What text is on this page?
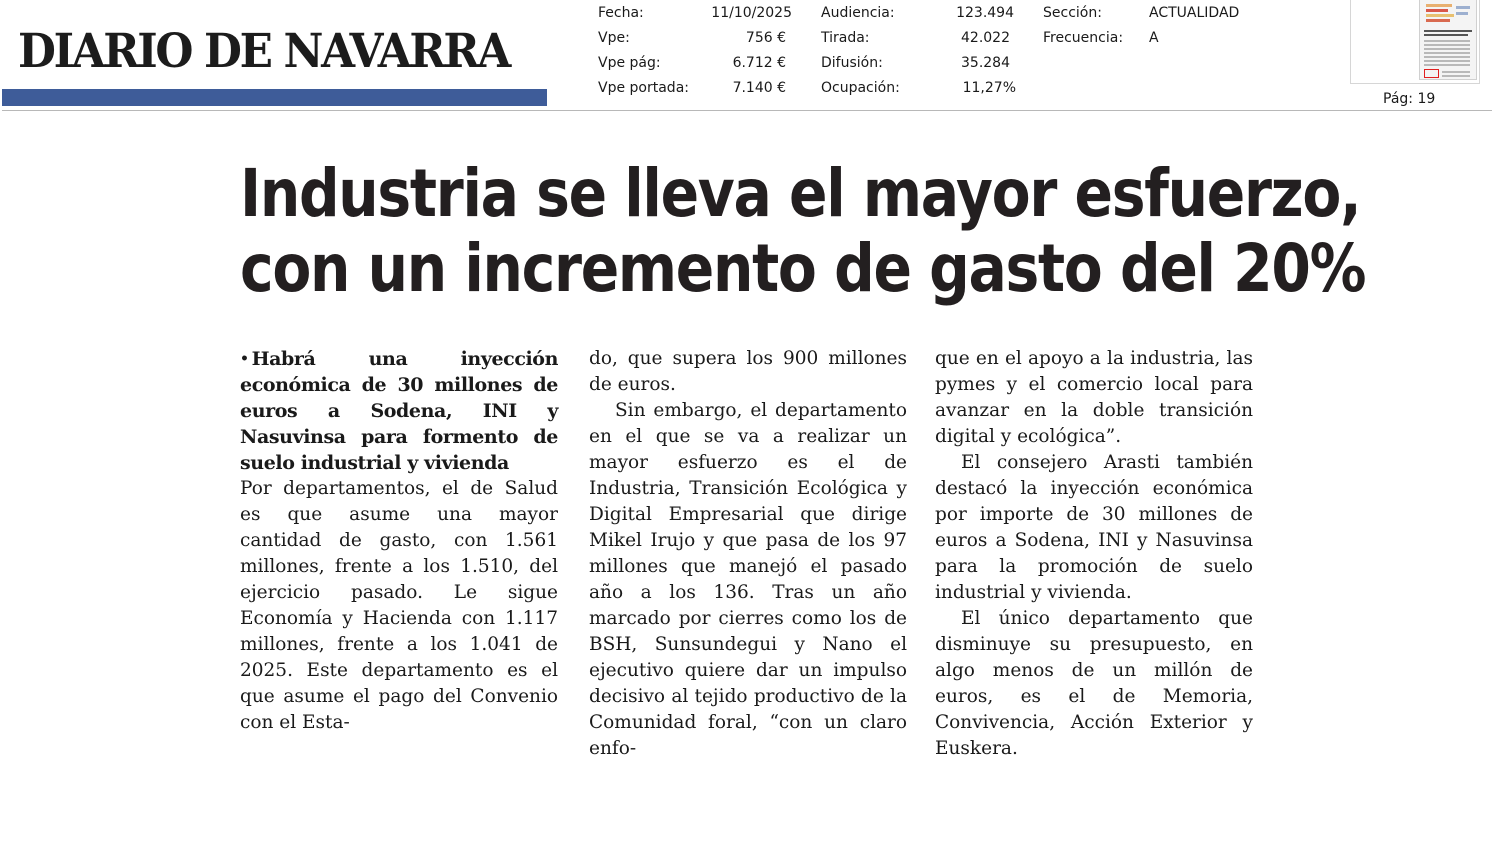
DIARIO DE NAVARRA
Fecha:	11/10/2025
Vpe:	756 €
Vpe pág:	6.712 €
Vpe portada:	7.140 €
Audiencia:	123.494
Tirada:	42.022
Difusión:	35.284
Ocupación:	11,27%
Sección:	ACTUALIDAD
Frecuencia: A
Pág: 19
Industria se lleva el mayor esfuerzo,
con un incremento de gasto del 20%

• Habrá una inyección económica de 30 millones de euros a Sodena, INI y Nasuvinsa para formento de suelo industrial y vivienda

Por departamentos, el de Salud es que asume una mayor cantidad de gasto, con 1.561 millones, frente a los 1.510, del ejercicio pasado. Le sigue Economía y Hacienda con 1.117 millones, frente a los 1.041 de 2025. Este departamento es el que asume el pago del Convenio con el Esta-

do, que supera los 900 millones de euros.

Sin embargo, el departamento en el que se va a realizar un mayor esfuerzo es el de Industria, Transición Ecológica y Digital Empresarial que dirige Mikel Irujo y que pasa de los 97 millones que manejó el pasado año a los 136. Tras un año marcado por cierres como los de BSH, Sunsundegui y Nano el ejecutivo quiere dar un impulso decisivo al tejido productivo de la Comunidad foral, “con un claro enfo-

que en el apoyo a la industria, las pymes y el comercio local para avanzar en la doble transición digital y ecológica”.

El consejero Arasti también destacó la inyección económica por importe de 30 millones de euros a Sodena, INI y Nasuvinsa para la promoción de suelo industrial y vivienda.

El único departamento que disminuye su presupuesto, en algo menos de un millón de euros, es el de Memoria, Convivencia, Acción Exterior y Euskera.
